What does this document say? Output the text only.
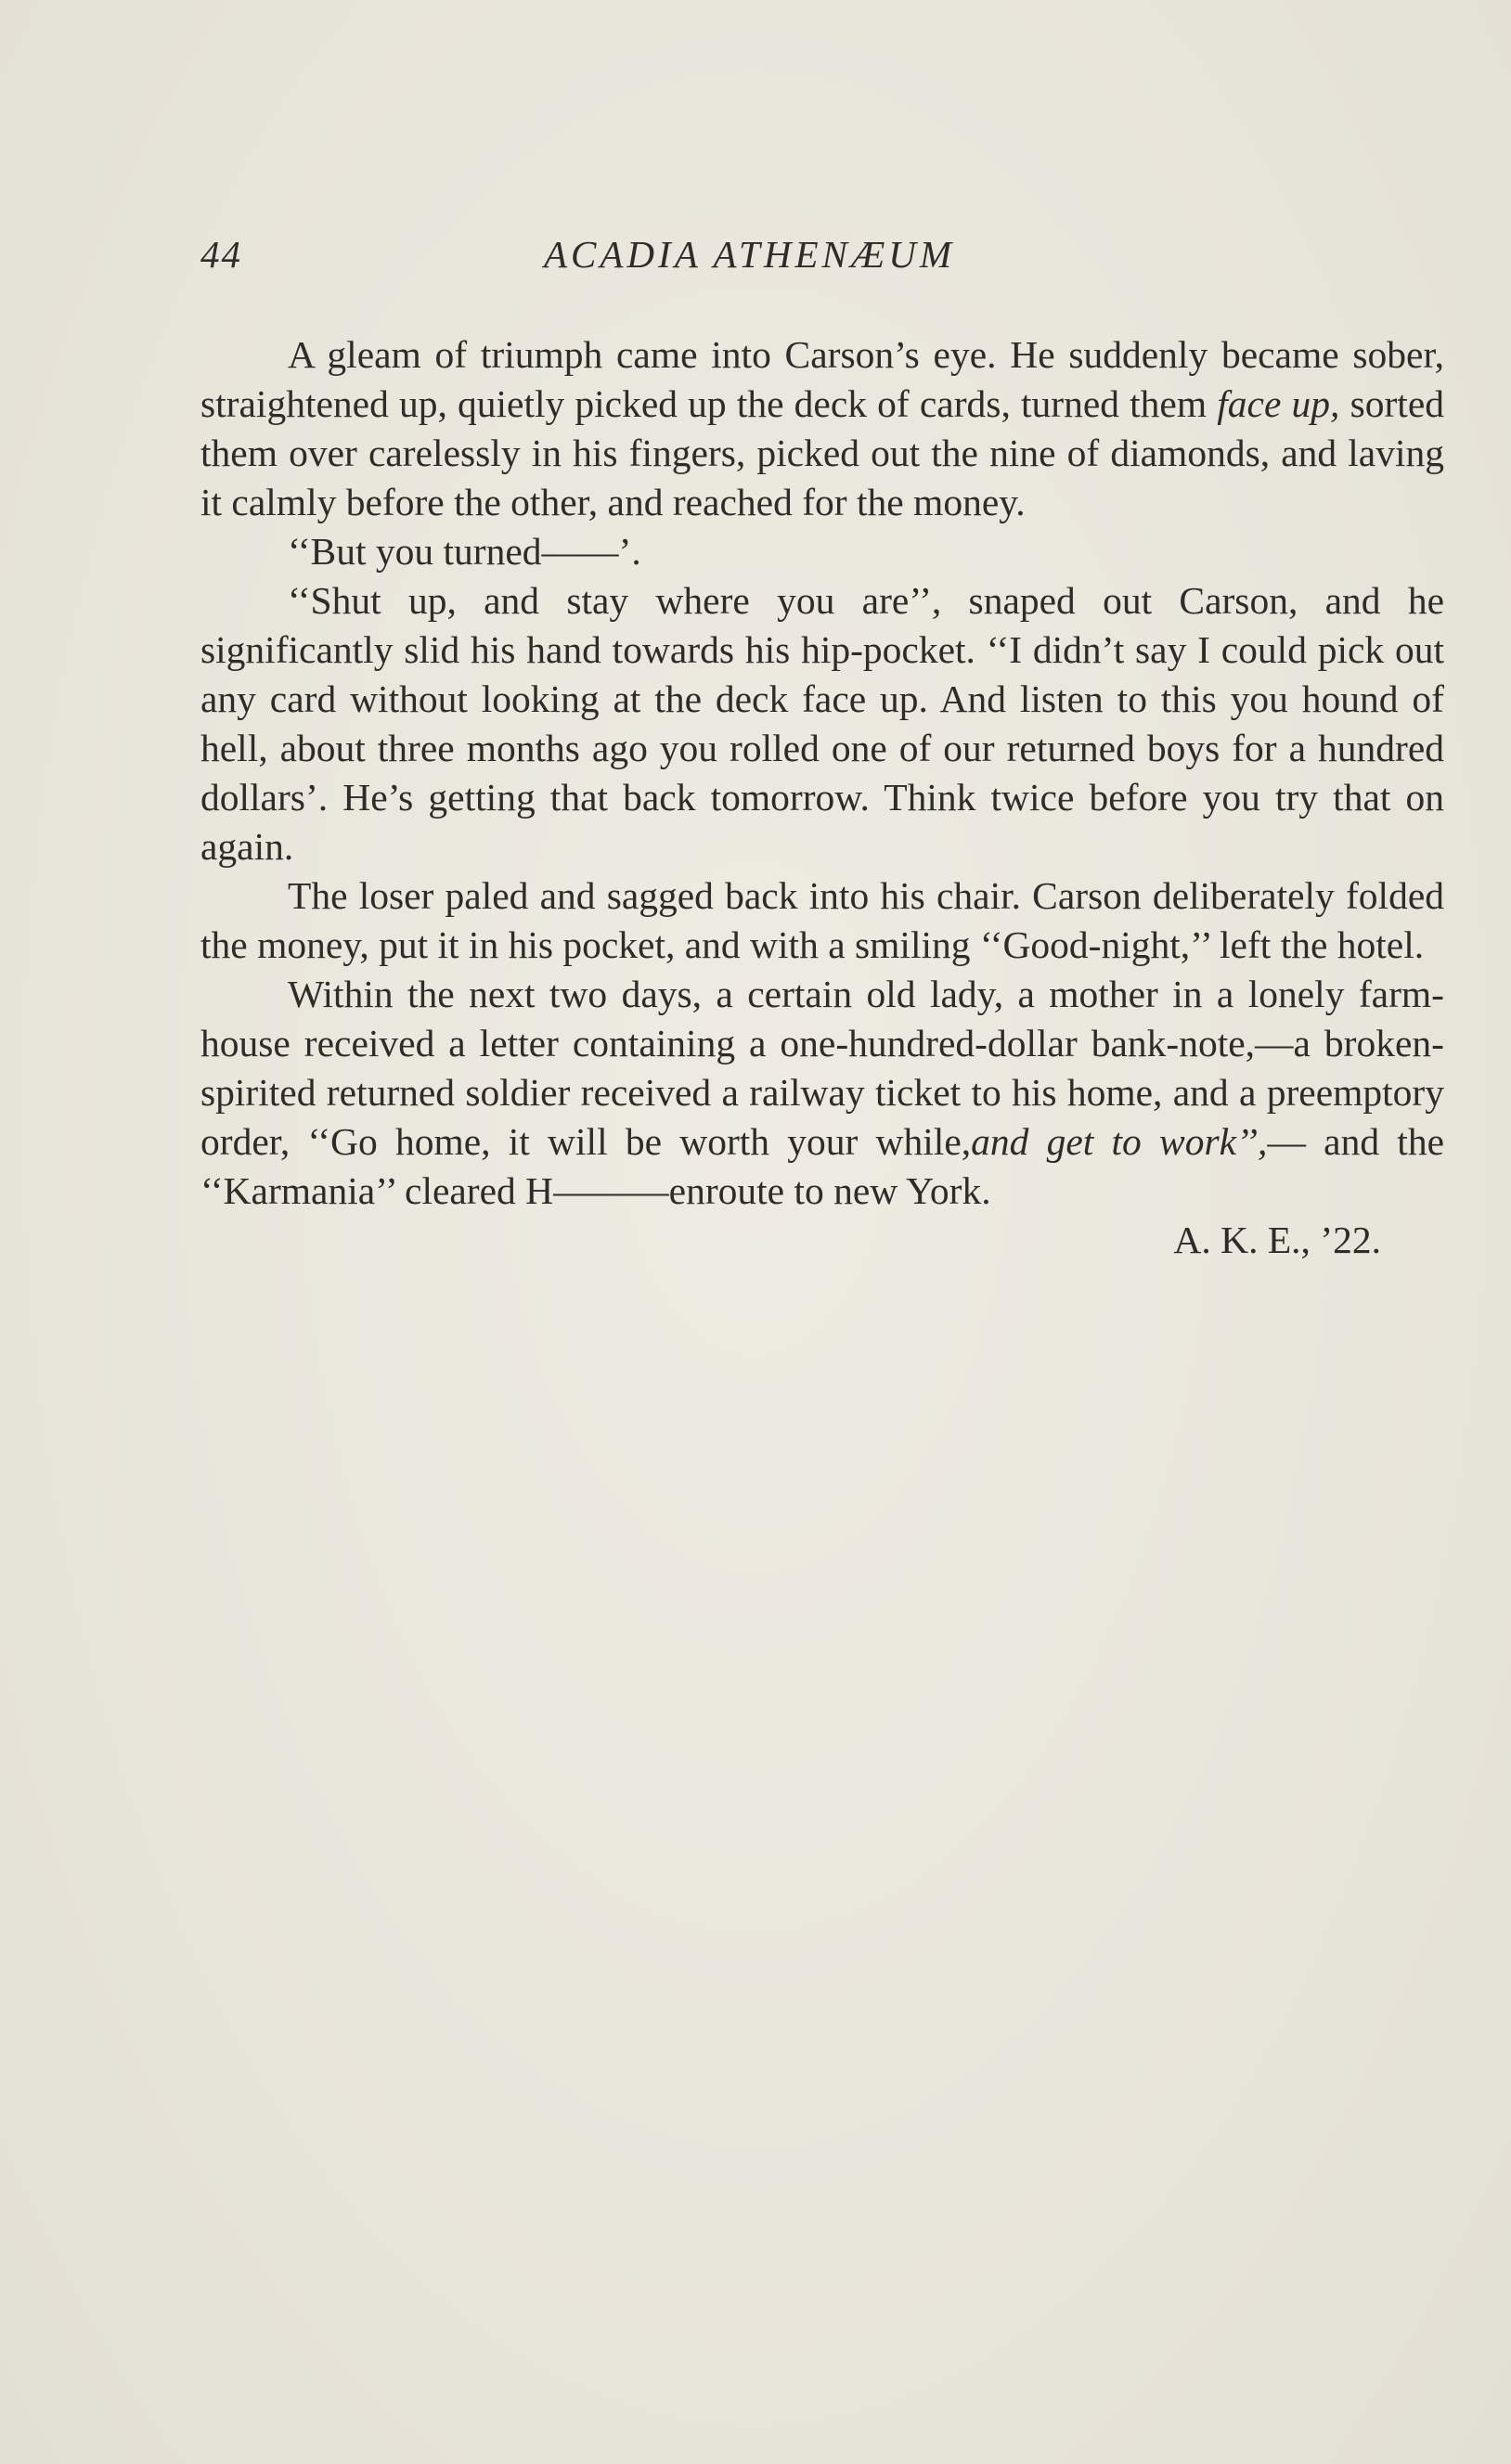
44	ACADIA ATHENÆUM

A gleam of triumph came into Carson’s eye. He suddenly became sober, straightened up, quietly picked up the deck of cards, turned them face up, sorted them over carelessly in his fingers, picked out the nine of diamonds, and laving it calmly before the other, and reached for the money.

‘‘But you turned——’.

‘‘Shut up, and stay where you are’’, snaped out Carson, and he significantly slid his hand towards his hip-pocket. ‘‘I didn’t say I could pick out any card without looking at the deck face up. And listen to this you hound of hell, about three months ago you rolled one of our returned boys for a hundred dollars’. He’s getting that back tomorrow. Think twice before you try that on again.

The loser paled and sagged back into his chair. Carson deliberately folded the money, put it in his pocket, and with a smiling ‘‘Good-night,’’ left the hotel.

Within the next two days, a certain old lady, a mother in a lonely farm-house received a letter containing a one-hundred-dollar bank-note,—a broken-spirited returned soldier received a railway ticket to his home, and a preemptory order, ‘‘Go home, it will be worth your while,and get to work’’,— and the ‘‘Karmania’’ cleared H———enroute to new York.

A. K. E., ’22.
